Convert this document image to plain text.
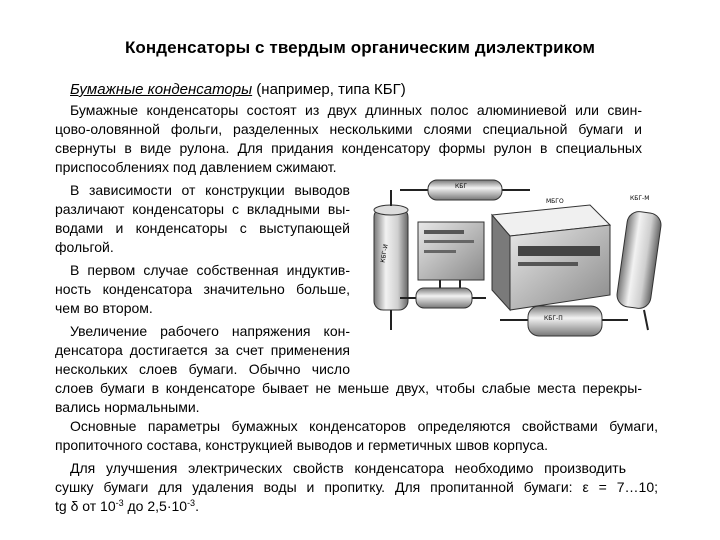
Конденсаторы с твердым органическим диэлектриком
Бумажные конденсаторы (например, типа КБГ)
Бумажные конденсаторы состоят из двух длинных полос алюминиевой или свин-
цово-оловянной фольги, разделенных несколькими слоями специальной бумаги и
свернуты в виде рулона. Для придания конденсатору формы рулон в специальных
приспособлениях под давлением сжимают.
В зависимости от конструкции выводов
различают конденсаторы с вкладными вы-
водами и конденсаторы с выступающей
фольгой.
В первом случае собственная индуктив-
ность конденсатора значительно больше,
чем во втором.
Увеличение рабочего напряжения кон-
денсатора достигается за счет применения
нескольких слоев бумаги. Обычно число
слоев бумаги в конденсаторе бывает не меньше двух, чтобы слабые места перекры-
вались нормальными.
Основные параметры бумажных конденсаторов определяются свойствами бумаги,
пропиточного состава, конструкцией выводов и герметичных швов корпуса.
Для улучшения электрических свойств конденсатора необходимо производить
сушку бумаги для удаления воды и пропитку. Для пропитанной бумаги: ε = 7…10;
tg δ от $10^{-3}$ до $2,5\cdot 10^{-3}$.
КБГ
КБГ-И
МБГО	КБГ-М
КБГ-П
